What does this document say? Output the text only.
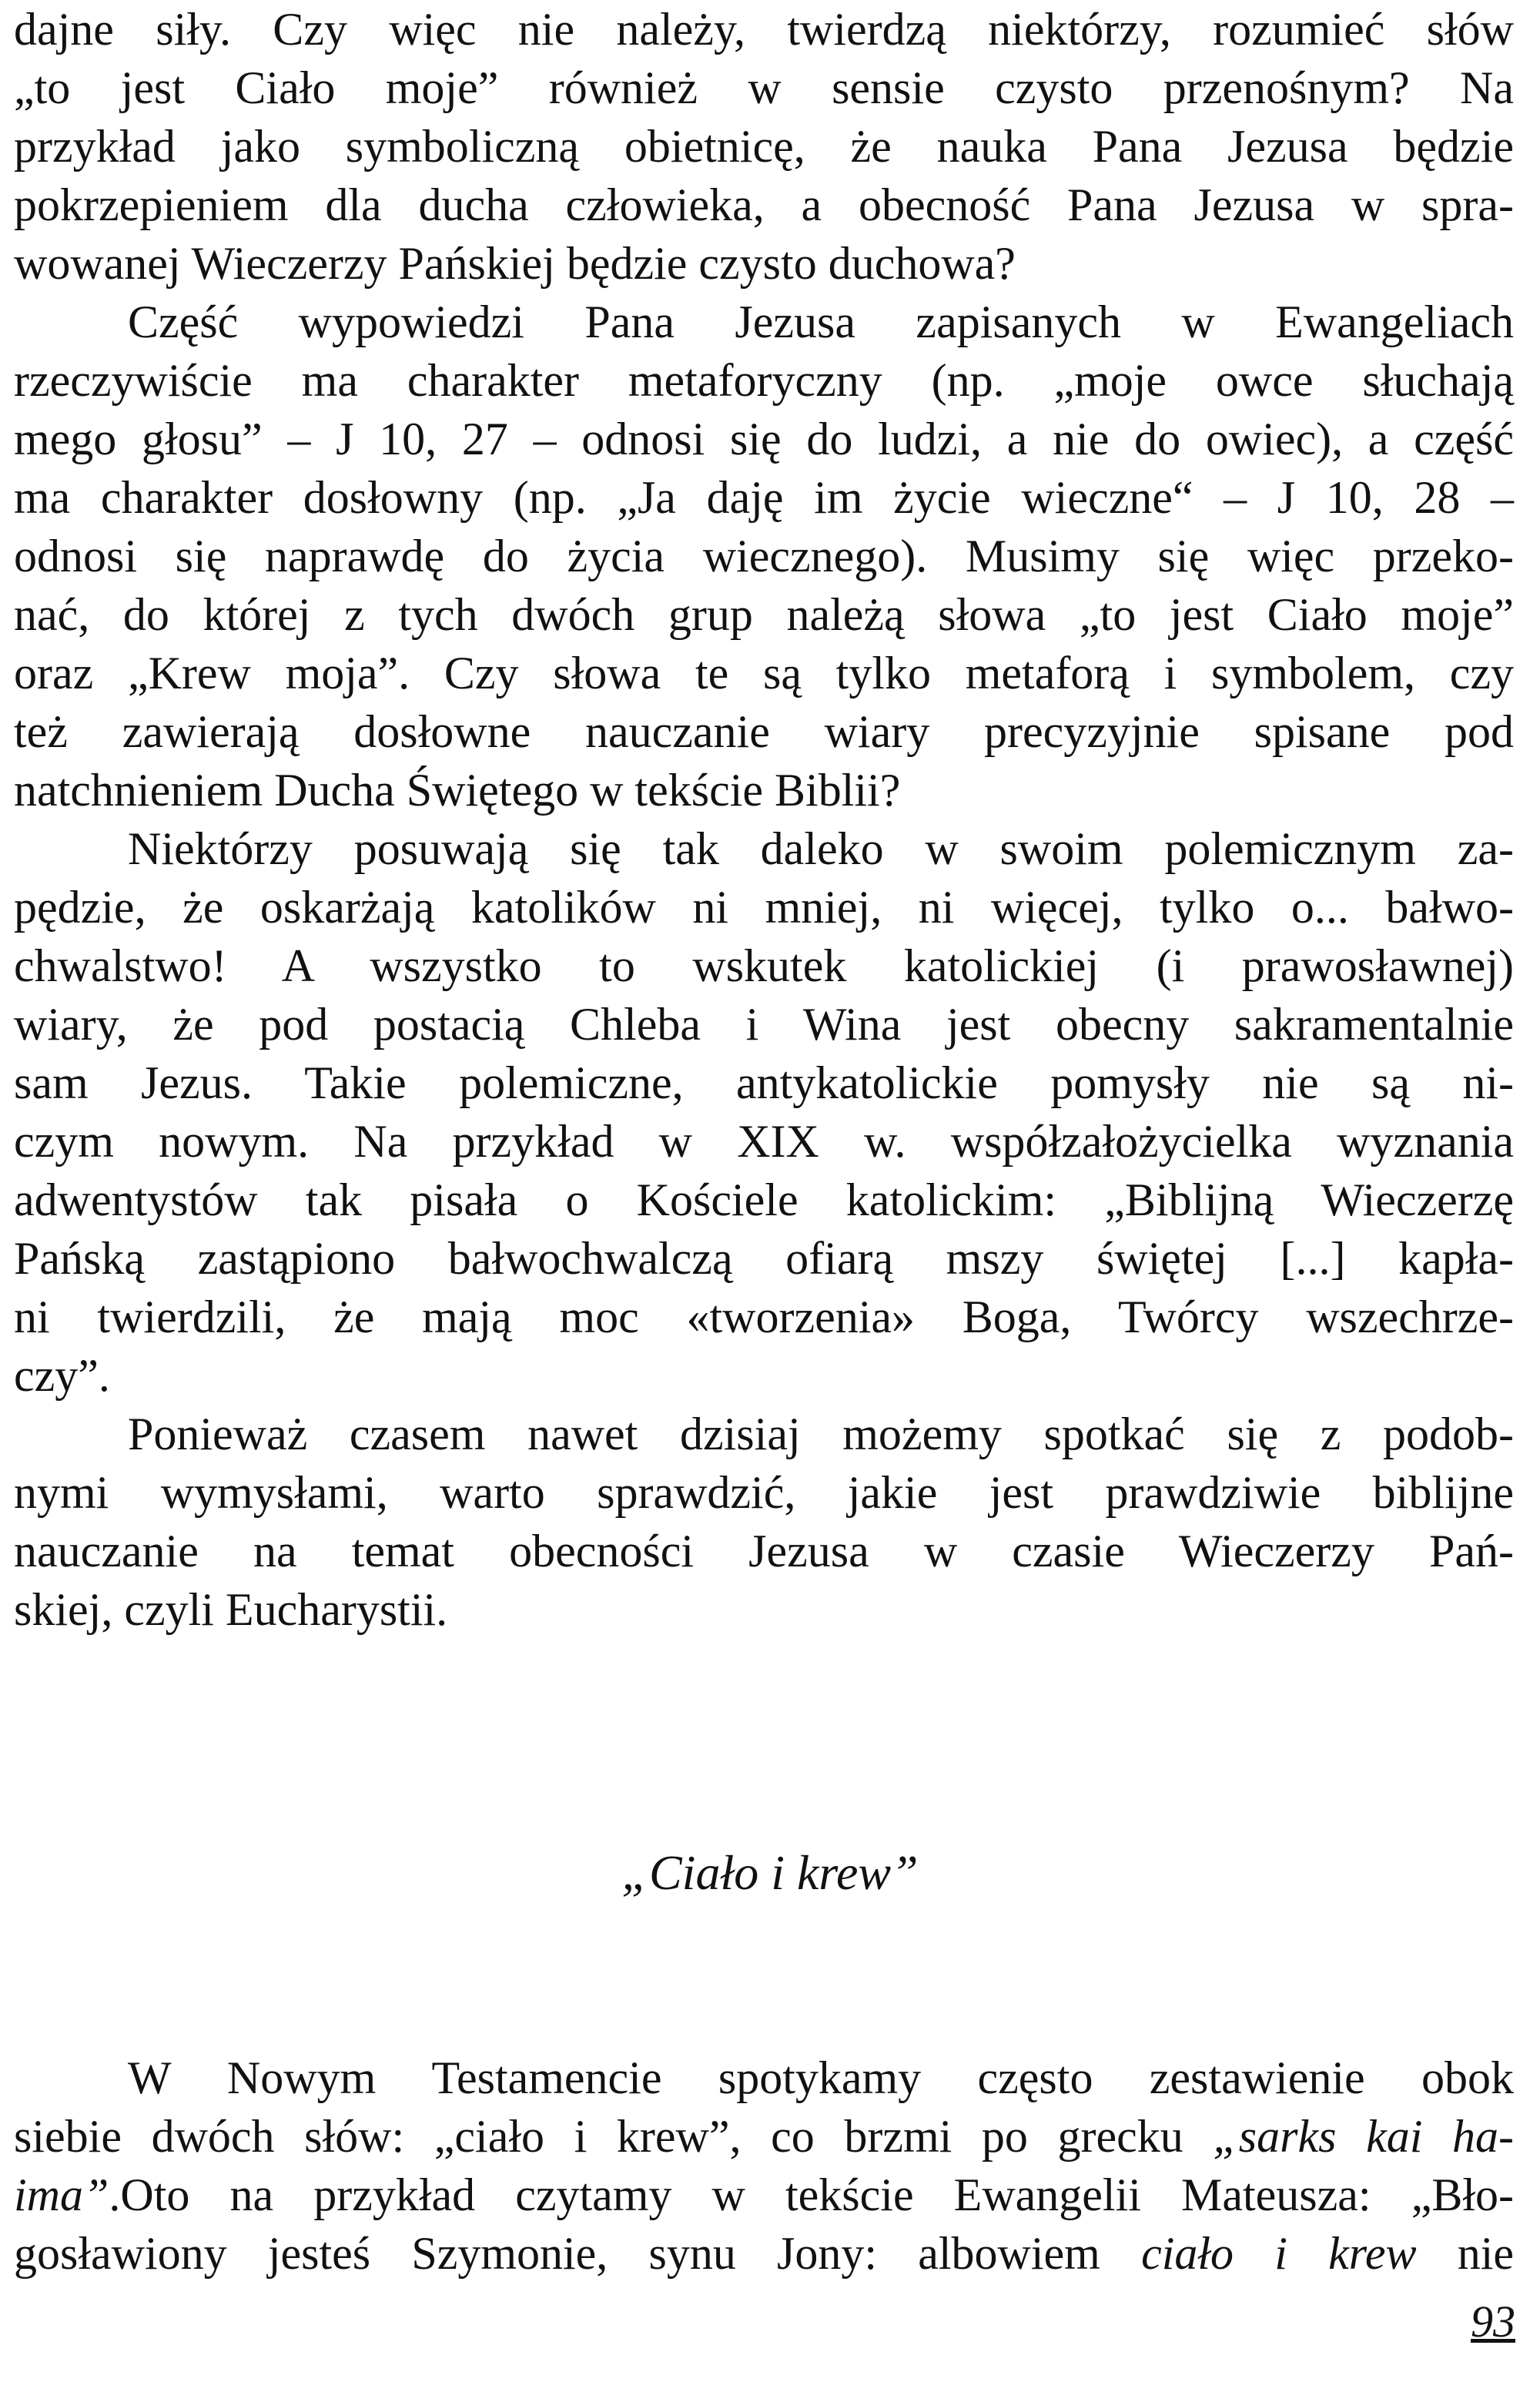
dajne siły. Czy więc nie należy, twierdzą niektórzy, rozumieć słów
„to jest Ciało moje” również w sensie czysto przenośnym? Na
przykład jako symboliczną obietnicę, że nauka Pana Jezusa będzie
pokrzepieniem dla ducha człowieka, a obecność Pana Jezusa w spra-
wowanej Wieczerzy Pańskiej będzie czysto duchowa?
Część wypowiedzi Pana Jezusa zapisanych w Ewangeliach
rzeczywiście ma charakter metaforyczny (np. „moje owce słuchają
mego głosu” – J 10, 27 – odnosi się do ludzi, a nie do owiec), a część
ma charakter dosłowny (np. „Ja daję im życie wieczne“ – J 10, 28 –
odnosi się naprawdę do życia wiecznego). Musimy się więc przeko-
nać, do której z tych dwóch grup należą słowa „to jest Ciało moje”
oraz „Krew moja”. Czy słowa te są tylko metaforą i symbolem, czy
też zawierają dosłowne nauczanie wiary precyzyjnie spisane pod
natchnieniem Ducha Świętego w tekście Biblii?
Niektórzy posuwają się tak daleko w swoim polemicznym za-
pędzie, że oskarżają katolików ni mniej, ni więcej, tylko o... bałwo-
chwalstwo! A wszystko to wskutek katolickiej (i prawosławnej)
wiary, że pod postacią Chleba i Wina jest obecny sakramentalnie
sam Jezus. Takie polemiczne, antykatolickie pomysły nie są ni-
czym nowym. Na przykład w XIX w. współzałożycielka wyznania
adwentystów tak pisała o Kościele katolickim: „Biblijną Wieczerzę
Pańską zastąpiono bałwochwalczą ofiarą mszy świętej [...] kapła-
ni twierdzili, że mają moc «tworzenia» Boga, Twórcy wszechrze-
czy”.
Ponieważ czasem nawet dzisiaj możemy spotkać się z podob-
nymi wymysłami, warto sprawdzić, jakie jest prawdziwie biblijne
nauczanie na temat obecności Jezusa w czasie Wieczerzy Pań-
skiej, czyli Eucharystii.
„Ciało i krew”
W Nowym Testamencie spotykamy często zestawienie obok
siebie dwóch słów: „ciało i krew”, co brzmi po grecku „sarks kai ha-
ima”.Oto na przykład czytamy w tekście Ewangelii Mateusza: „Bło-
gosławiony jesteś Szymonie, synu Jony: albowiem ciało i krew nie
93
